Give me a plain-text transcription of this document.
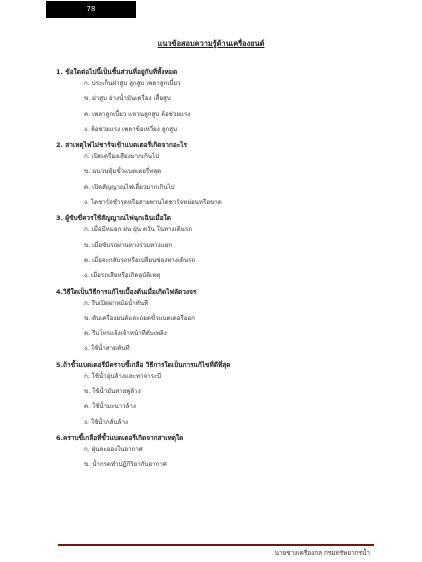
78
แนวข้อสอบความรู้ด้านเครื่องยนต์

1. ข้อใดต่อไปนี้เป็นชิ้นส่วนที่อยู่กับที่ทั้งหมด

ก. ประเก็นฝาสูบ ลูกสูบ เพลาลูกเบี้ยว

ข. ฝาสูบ อ่างน้ำมันเครื่อง เสื้อสูบ

ค. เพลาลูกเบี้ยว แหวนลูกสูบ ล้อช่วยแรง

ง. ล้อช่วยแรง เพลาข้อเหวี่ยง ลูกสูบ

2. สาเหตุไฟไม่ชาร์จเข้าแบตเตอรี่เกิดจากอะไร

ก. เปิดเครื่องเสียงมากเกินไป

ข. ฉนวนหุ้มขั้วแบตเตอรี่หลุด

ค. เปิดสัญญาณไฟเลี้ยวมากเกินไป

ง. ไดชาร์จชำรุดหรือสายพานไดชาร์จหย่อนหรือขาด

3. ผู้ขับขี่ควรใช้สัญญาณไฟฉุกเฉินเมื่อใด

ก. เมื่อมีหมอก ฝน ฝุ่น ควัน ในทางเดินรถ

ข. เมื่อขับรถผ่านทางร่วมทางแยก

ค. เมื่อจะกลับรถหรือเปลี่ยนช่องทางเดินรถ

ง. เมื่อรถเสียหรือเกิดอุบัติเหตุ

4.วิธีใดเป็นวิธีการแก้ไขเบื้องต้นเมื่อเกิดไฟลัดวงจร

ก. รีบเปิดฝาหม้อน้ำทันที

ข. ดับเครื่องยนต์และถอดขั้วแบตเตอรี่ออก

ค. รีบโทรแจ้งเจ้าหน้าที่ดับเพลิง

ง. ใช้น้ำสาดทันที

5.ถ้าขั้วแบตเตอรี่มีคราบขี้เกลือ วิธีการใดเป็นการแก้ไขที่ดีที่สุด

ก. ใช้น้ำอุ่นล้างและทาจาระบี

ข. ใช้น้ำมันสายพูล้าง

ค. ใช้น้ำมะนาวล้าง

ง. ใช้น้ำกลั่นล้าง

6.คราบขี้เกลือที่ขั้วแบตเตอรี่เกิดจากสาเหตุใด

ก. ฝุ่นละอองในอากาศ

ข. น้ำกรดทำปฏิกิริยากับอากาศ

นายช่างเครื่องกล กรมทรัพยากรน้ำ
